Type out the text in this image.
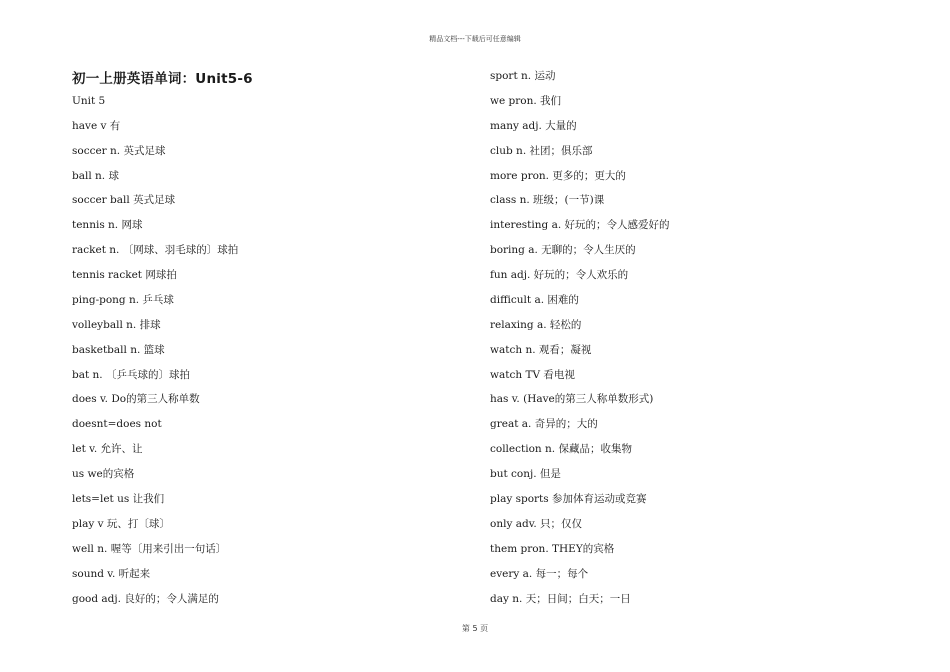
精品文档---下载后可任意编辑
初一上册英语单词：Unit5-6
Unit 5
have v 有
soccer n. 英式足球
ball n. 球
soccer ball 英式足球
tennis n. 网球
racket n. 〔网球、羽毛球的〕球拍
tennis racket 网球拍
ping-pong n. 乒乓球
volleyball n. 排球
basketball n. 篮球
bat n. 〔乒乓球的〕球拍
does v. Do的第三人称单数
doesnt=does not
let v. 允许、让
us we的宾格
lets=let us 让我们
play v 玩、打〔球〕
well n. 喔等〔用来引出一句话〕
sound v. 听起来
good adj. 良好的；令人满足的
sport n. 运动
we pron. 我们
many adj. 大量的
club n. 社团；俱乐部
more pron. 更多的；更大的
class n. 班级；(一节)课
interesting a. 好玩的；令人感爱好的
boring a. 无聊的；令人生厌的
fun adj. 好玩的；令人欢乐的
difficult a. 困难的
relaxing a. 轻松的
watch n. 观看；凝视
watch TV 看电视
has v. (Have的第三人称单数形式)
great a. 奇异的；大的
collection n. 保藏品；收集物
but conj. 但是
play sports 参加体育运动或竞赛
only adv. 只；仅仅
them pron. THEY的宾格
every a. 每一；每个
day n. 天；日间；白天；一日
第 5 页
